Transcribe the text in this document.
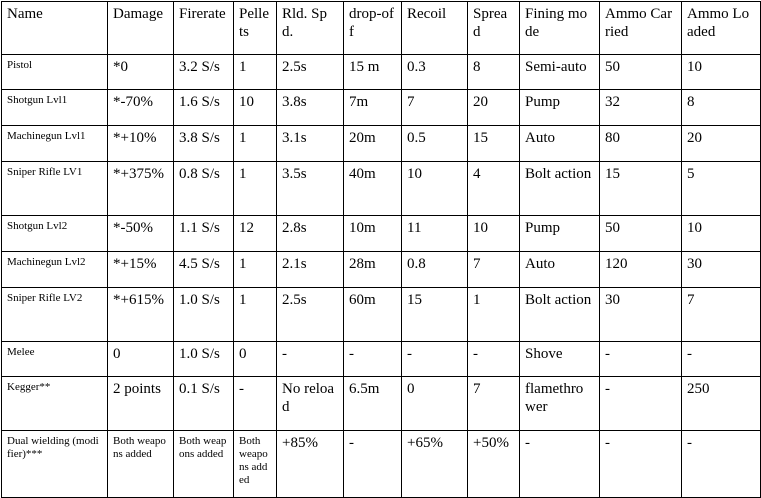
Name	Damage	Firerate	Pellets	Rld. Spd.	drop-off	Recoil	Spread	Fining mode	Ammo Carried	Ammo Loaded
Pistol	*0	3.2 S/s	1	2.5s	15 m	0.3	8	Semi-auto	50	10
Shotgun Lvl1	*-70%	1.6 S/s	10	3.8s	7m	7	20	Pump	32	8
Machinegun Lvl1	*+10%	3.8 S/s	1	3.1s	20m	0.5	15	Auto	80	20
Sniper Rifle LV1	*+375%	0.8 S/s	1	3.5s	40m	10	4	Bolt action	15	5
Shotgun Lvl2	*-50%	1.1 S/s	12	2.8s	10m	11	10	Pump	50	10
Machinegun Lvl2	*+15%	4.5 S/s	1	2.1s	28m	0.8	7	Auto	120	30
Sniper Rifle LV2	*+615%	1.0 S/s	1	2.5s	60m	15	1	Bolt action	30	7
Melee	0	1.0 S/s	0	-	-	-	-	Shove	-	-
Kegger**	2 points	0.1 S/s	-	No reload	6.5m	0	7	flamethrower	-	250
Dual wielding (modifier)***	Both weapons added	Both weapons added	Both weapons added	+85%	-	+65%	+50%	-	-	-
